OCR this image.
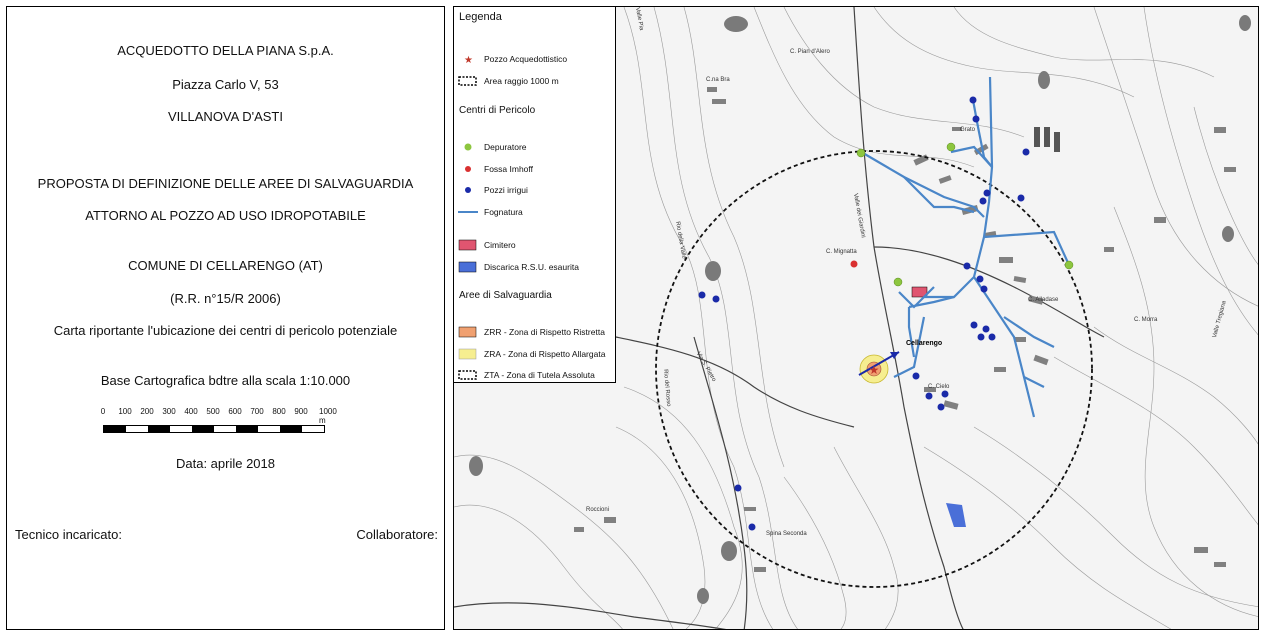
ACQUEDOTTO DELLA PIANA S.p.A.
Piazza Carlo V, 53
VILLANOVA D'ASTI
PROPOSTA DI DEFINIZIONE DELLE AREE DI SALVAGUARDIA
ATTORNO AL POZZO AD USO IDROPOTABILE
COMUNE DI CELLARENGO (AT)
(R.R. n°15/R 2006)
Carta riportante l'ubicazione dei centri di pericolo potenziale
Base Cartografica bdtre alla scala 1:10.000
0 100 200 300 400 500 600 700 800 900 1000 m
Data: aprile 2018
Tecnico incaricato:	Collaboratore:
★
Cellarengo
Grato
C. Pian d'Alero
C.na Bra
C. Mignatta
C. Alladase
C. Morra
C. Cielo
Spina Seconda
Roccioni
Via S. Pietro
Valle dei Giardini
Rio della Valle
Rio del Rosso
Valle Pia
Valle Tregiana
Legenda
★ Pozzo Acquedottistico
Area raggio 1000 m
Centri di Pericolo
Depuratore
Fossa Imhoff
Pozzi irrigui
Fognatura
Cimitero
Discarica R.S.U. esaurita
Aree di Salvaguardia
ZRR - Zona di Rispetto Ristretta
ZRA - Zona di Rispetto Allargata
ZTA - Zona di Tutela Assoluta
